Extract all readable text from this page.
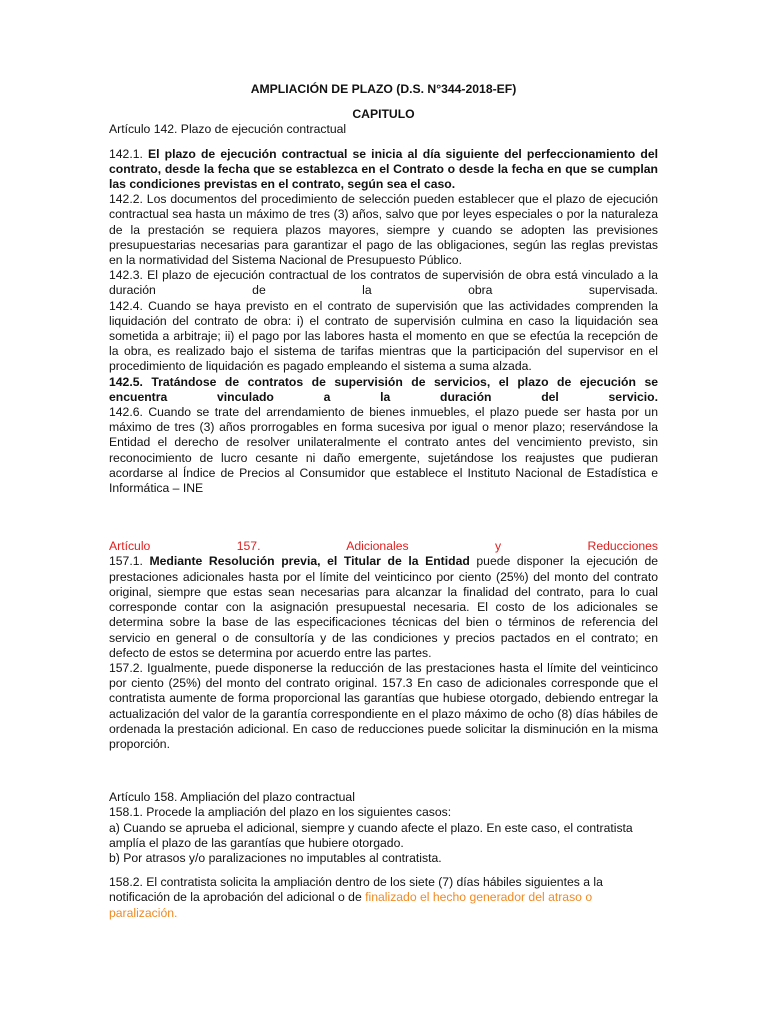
AMPLIACIÓN DE PLAZO (D.S. N°344-2018-EF)

CAPITULO

Artículo 142. Plazo de ejecución contractual

142.1. El plazo de ejecución contractual se inicia al día siguiente del perfeccionamiento del contrato, desde la fecha que se establezca en el Contrato o desde la fecha en que se cumplan las condiciones previstas en el contrato, según sea el caso.

142.2. Los documentos del procedimiento de selección pueden establecer que el plazo de ejecución contractual sea hasta un máximo de tres (3) años, salvo que por leyes especiales o por la naturaleza de la prestación se requiera plazos mayores, siempre y cuando se adopten las previsiones presupuestarias necesarias para garantizar el pago de las obligaciones, según las reglas previstas en la normatividad del Sistema Nacional de Presupuesto Público.

142.3. El plazo de ejecución contractual de los contratos de supervisión de obra está vinculado a la duración de la obra supervisada.

142.4. Cuando se haya previsto en el contrato de supervisión que las actividades comprenden la liquidación del contrato de obra: i) el contrato de supervisión culmina en caso la liquidación sea sometida a arbitraje; ii) el pago por las labores hasta el momento en que se efectúa la recepción de la obra, es realizado bajo el sistema de tarifas mientras que la participación del supervisor en el procedimiento de liquidación es pagado empleando el sistema a suma alzada.

142.5. Tratándose de contratos de supervisión de servicios, el plazo de ejecución se encuentra vinculado a la duración del servicio.

142.6. Cuando se trate del arrendamiento de bienes inmuebles, el plazo puede ser hasta por un máximo de tres (3) años prorrogables en forma sucesiva por igual o menor plazo; reservándose la Entidad el derecho de resolver unilateralmente el contrato antes del vencimiento previsto, sin reconocimiento de lucro cesante ni daño emergente, sujetándose los reajustes que pudieran acordarse al Índice de Precios al Consumidor que establece el Instituto Nacional de Estadística e Informática – INE

Artículo 157. Adicionales y Reducciones

157.1. Mediante Resolución previa, el Titular de la Entidad puede disponer la ejecución de prestaciones adicionales hasta por el límite del veinticinco por ciento (25%) del monto del contrato original, siempre que estas sean necesarias para alcanzar la finalidad del contrato, para lo cual corresponde contar con la asignación presupuestal necesaria. El costo de los adicionales se determina sobre la base de las especificaciones técnicas del bien o términos de referencia del servicio en general o de consultoría y de las condiciones y precios pactados en el contrato; en defecto de estos se determina por acuerdo entre las partes.

157.2. Igualmente, puede disponerse la reducción de las prestaciones hasta el límite del veinticinco por ciento (25%) del monto del contrato original. 157.3 En caso de adicionales corresponde que el contratista aumente de forma proporcional las garantías que hubiese otorgado, debiendo entregar la actualización del valor de la garantía correspondiente en el plazo máximo de ocho (8) días hábiles de ordenada la prestación adicional. En caso de reducciones puede solicitar la disminución en la misma proporción.

Artículo 158. Ampliación del plazo contractual

158.1. Procede la ampliación del plazo en los siguientes casos:

a) Cuando se aprueba el adicional, siempre y cuando afecte el plazo. En este caso, el contratista amplía el plazo de las garantías que hubiere otorgado.

b) Por atrasos y/o paralizaciones no imputables al contratista.

158.2. El contratista solicita la ampliación dentro de los siete (7) días hábiles siguientes a la notificación de la aprobación del adicional o de finalizado el hecho generador del atraso o paralización.
